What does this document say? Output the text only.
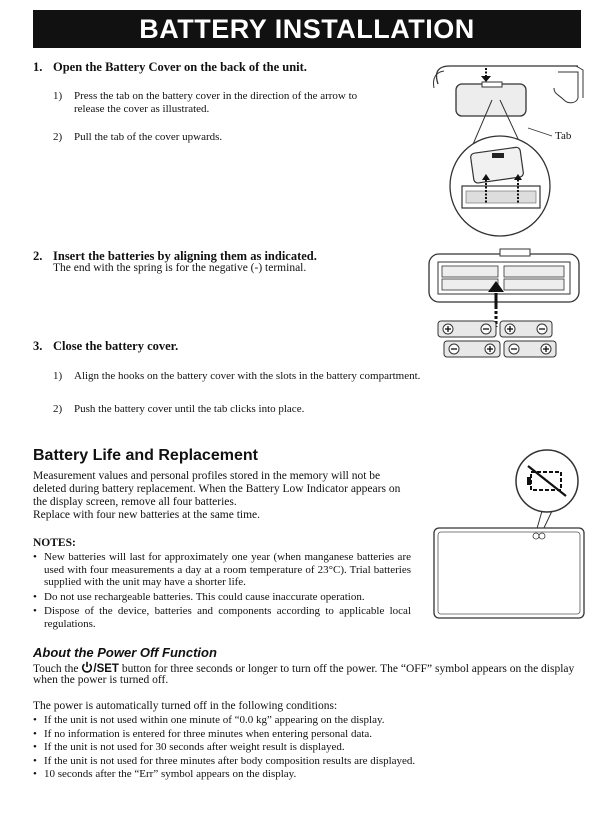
BATTERY INSTALLATION
1. Open the Battery Cover on the back of the unit.
1) Press the tab on the battery cover in the direction of the arrow to release the cover as illustrated.
2) Pull the tab of the cover upwards.	Tab
2. Insert the batteries by aligning them as indicated.
The end with the spring is for the negative (-) terminal.
3. Close the battery cover.
1) Align the hooks on the battery cover with the slots in the battery compartment.
2) Push the battery cover until the tab clicks into place.
Battery Life and Replacement
Measurement values and personal profiles stored in the memory will not be
deleted during battery replacement. When the Battery Low Indicator appears on
the display screen, remove all four batteries.
Replace with four new batteries at the same time.
NOTES:
• New batteries will last for approximately one year (when manganese batteries are used with four measurements a day at a room temperature of 23°C). Trial batteries supplied with the unit may have a shorter life.
• Do not use rechargeable batteries. This could cause inaccurate operation.
• Dispose of the device, batteries and components according to applicable local regulations.
About the Power Off Function
Touch the /SET button for three seconds or longer to turn off the power. The “OFF” symbol appears on the display
when the power is turned off.
The power is automatically turned off in the following conditions:
• If the unit is not used within one minute of “0.0 kg” appearing on the display.
• If no information is entered for three minutes when entering personal data.
• If the unit is not used for 30 seconds after weight result is displayed.
• If the unit is not used for three minutes after body composition results are displayed.
• 10 seconds after the “Err” symbol appears on the display.
